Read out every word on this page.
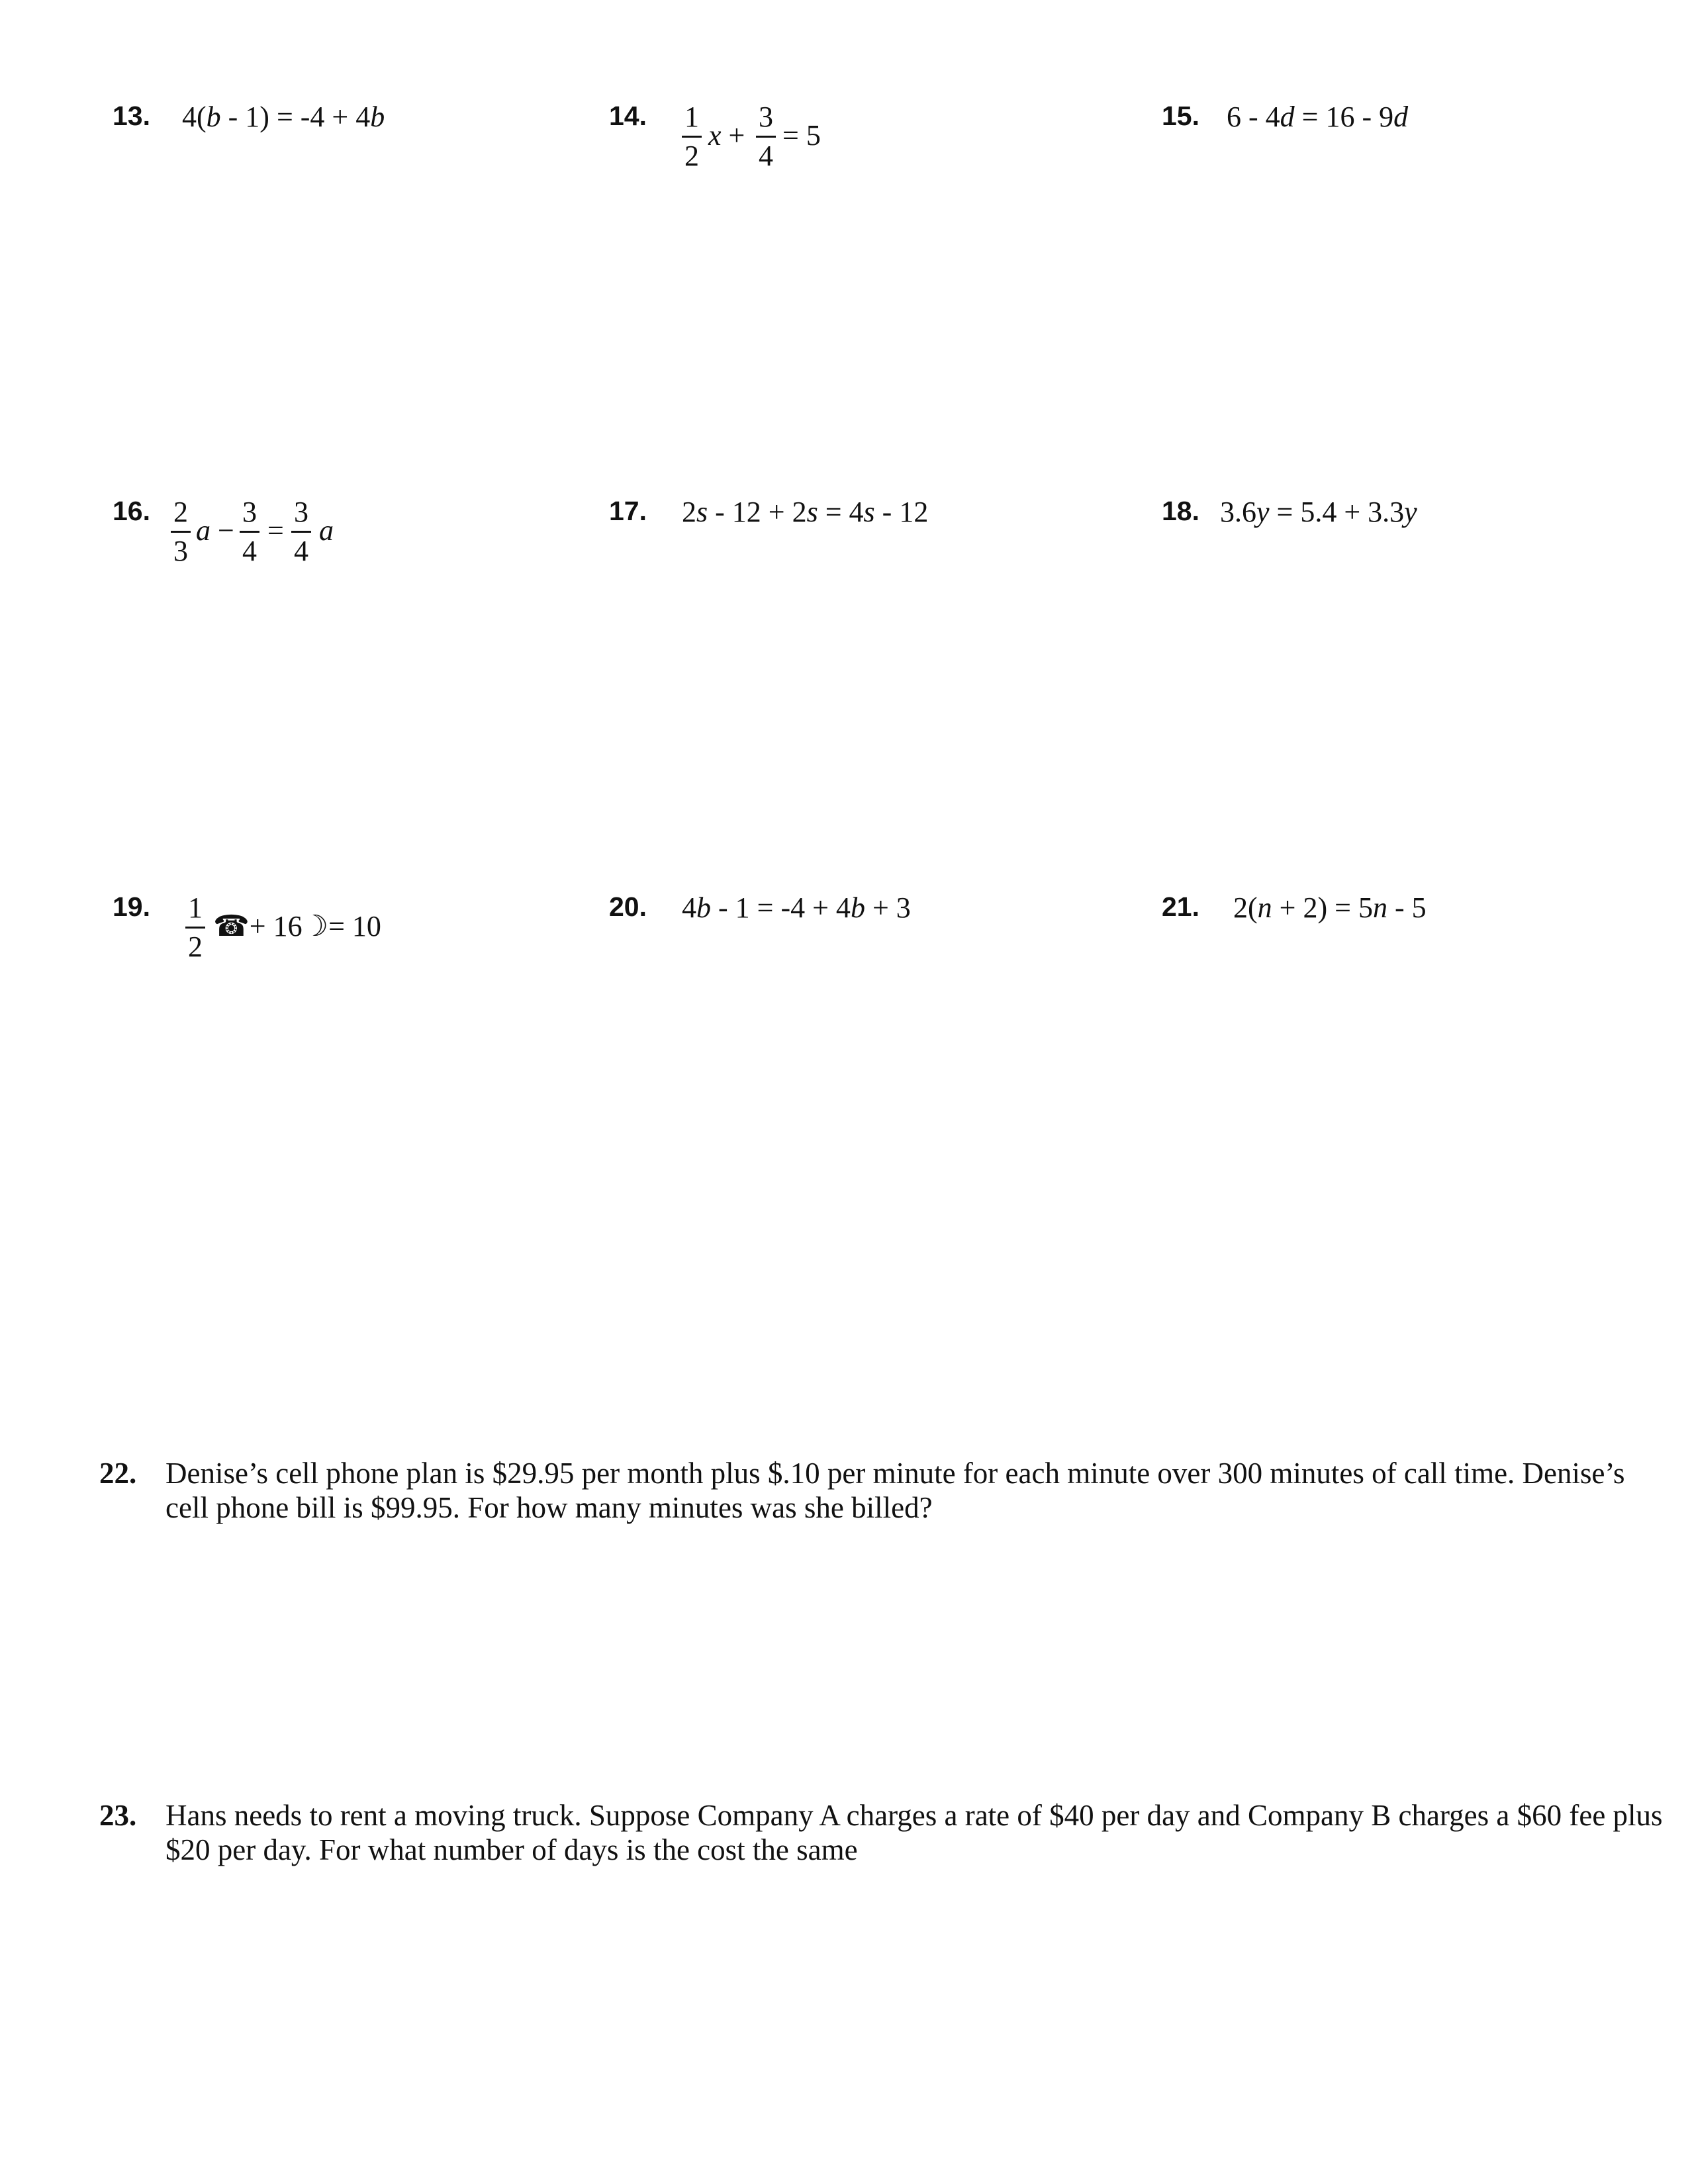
13. 4(b - 1) = -4 + 4b	14. 1
2
x +
3
4
= 5
15. 6 - 4d = 16 - 9d
16. 2
3
a −
3
4
=
3
4
a
17. 2s - 12 + 2s = 4s - 12	18. 3.6y = 5.4 + 3.3y
19. 1
2
☎+ 16☽= 10
20. 4b - 1 = -4 + 4b + 3	21. 2(n + 2) = 5n - 5
22. Denise’s cell phone plan is $29.95 per month plus $.10 per minute for each minute over 300 minutes of call time. Denise’s cell phone bill is $99.95. For how many minutes was she billed?
23. Hans needs to rent a moving truck. Suppose Company A charges a rate of $40 per day and Company B charges a $60 fee plus $20 per day. For what number of days is the cost the same
